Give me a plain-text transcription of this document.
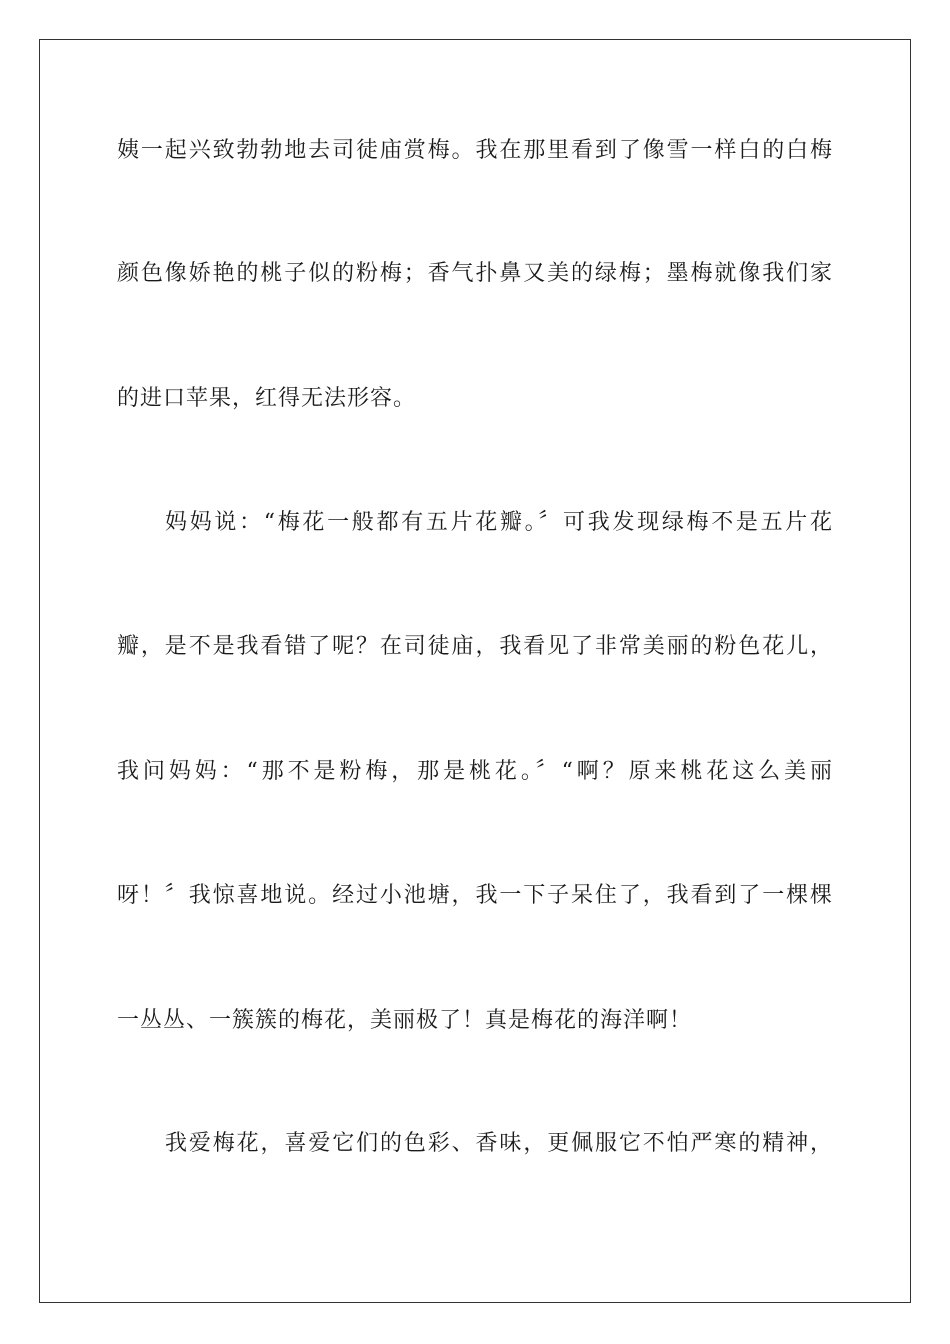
姨一起兴致勃勃地去司徒庙赏梅。我在那里看到了像雪一样白的白梅
颜色像娇艳的桃子似的粉梅；香气扑鼻又美的绿梅；墨梅就像我们家
的进口苹果，红得无法形容。
妈妈说：“梅花一般都有五片花瓣。〞可我发现绿梅不是五片花
瓣，是不是我看错了呢？在司徒庙，我看见了非常美丽的粉色花儿，
我问妈妈：“那不是粉梅，那是桃花。〞“啊？原来桃花这么美丽
呀！〞我惊喜地说。经过小池塘，我一下子呆住了，我看到了一棵棵
一丛丛、一簇簇的梅花，美丽极了！真是梅花的海洋啊！
我爱梅花，喜爱它们的色彩、香味，更佩服它不怕严寒的精神，
